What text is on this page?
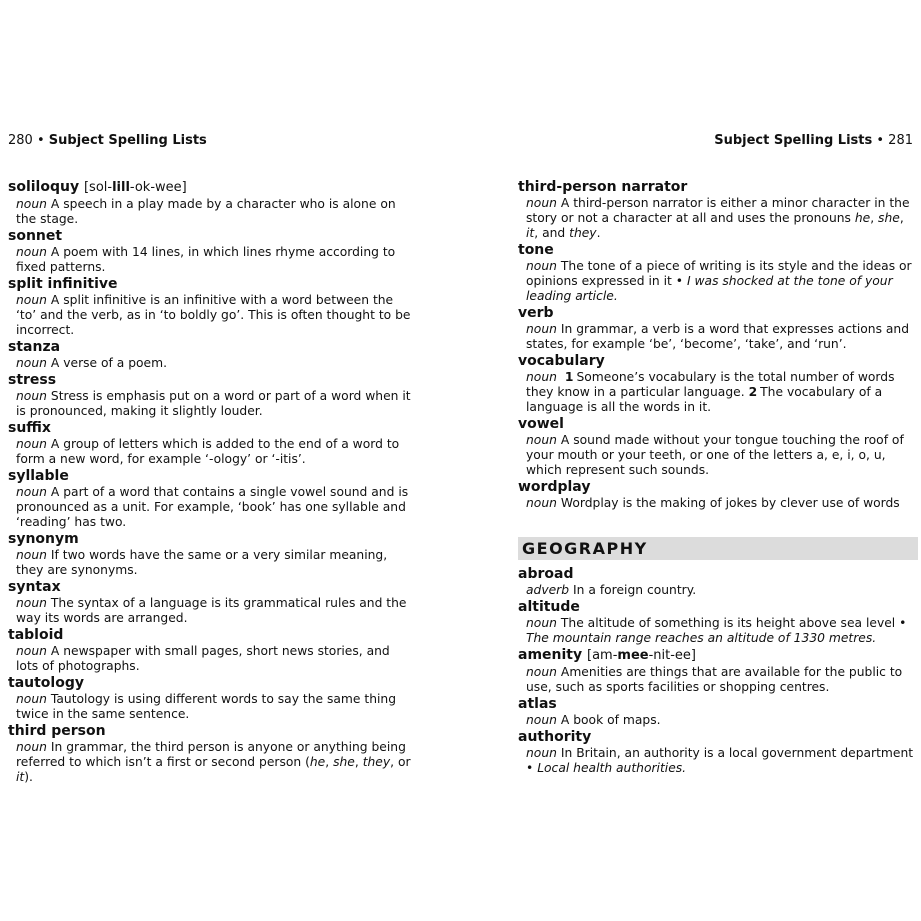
280 • Subject Spelling Lists	Subject Spelling Lists • 281
soliloquy [sol-lill-ok-wee]
noun A speech in a play made by a character who is alone on the stage.
sonnet
noun A poem with 14 lines, in which lines rhyme according to fixed patterns.
split infinitive
noun A split infinitive is an infinitive with a word between the ‘to’ and the verb, as in ‘to boldly go’. This is often thought to be incorrect.
stanza
noun A verse of a poem.
stress
noun Stress is emphasis put on a word or part of a word when it is pronounced, making it slightly louder.
suffix
noun A group of letters which is added to the end of a word to form a new word, for example ‘-ology’ or ‘-itis’.
syllable
noun A part of a word that contains a single vowel sound and is pronounced as a unit. For example, ‘book’ has one syllable and ‘reading’ has two.
synonym
noun If two words have the same or a very similar meaning, they are synonyms.
syntax
noun The syntax of a language is its grammatical rules and the way its words are arranged.
tabloid
noun A newspaper with small pages, short news stories, and lots of photographs.
tautology
noun Tautology is using different words to say the same thing twice in the same sentence.
third person
noun In grammar, the third person is anyone or anything being referred to which isn’t a first or second person (he, she, they, or it).
third-person narrator
noun A third-person narrator is either a minor character in the story or not a character at all and uses the pronouns he, she, it, and they.
tone
noun The tone of a piece of writing is its style and the ideas or opinions expressed in it • I was shocked at the tone of your leading article.
verb
noun In grammar, a verb is a word that expresses actions and states, for example ‘be’, ‘become’, ‘take’, and ‘run’.
vocabulary
noun 1 Someone’s vocabulary is the total number of words they know in a particular language. 2 The vocabulary of a language is all the words in it.
vowel
noun A sound made without your tongue touching the roof of your mouth or your teeth, or one of the letters a, e, i, o, u, which represent such sounds.
wordplay
noun Wordplay is the making of jokes by clever use of words
GEOGRAPHY
abroad
adverb In a foreign country.
altitude
noun The altitude of something is its height above sea level • The mountain range reaches an altitude of 1330 metres.
amenity [am-mee-nit-ee]
noun Amenities are things that are available for the public to use, such as sports facilities or shopping centres.
atlas
noun A book of maps.
authority
noun In Britain, an authority is a local government department • Local health authorities.
